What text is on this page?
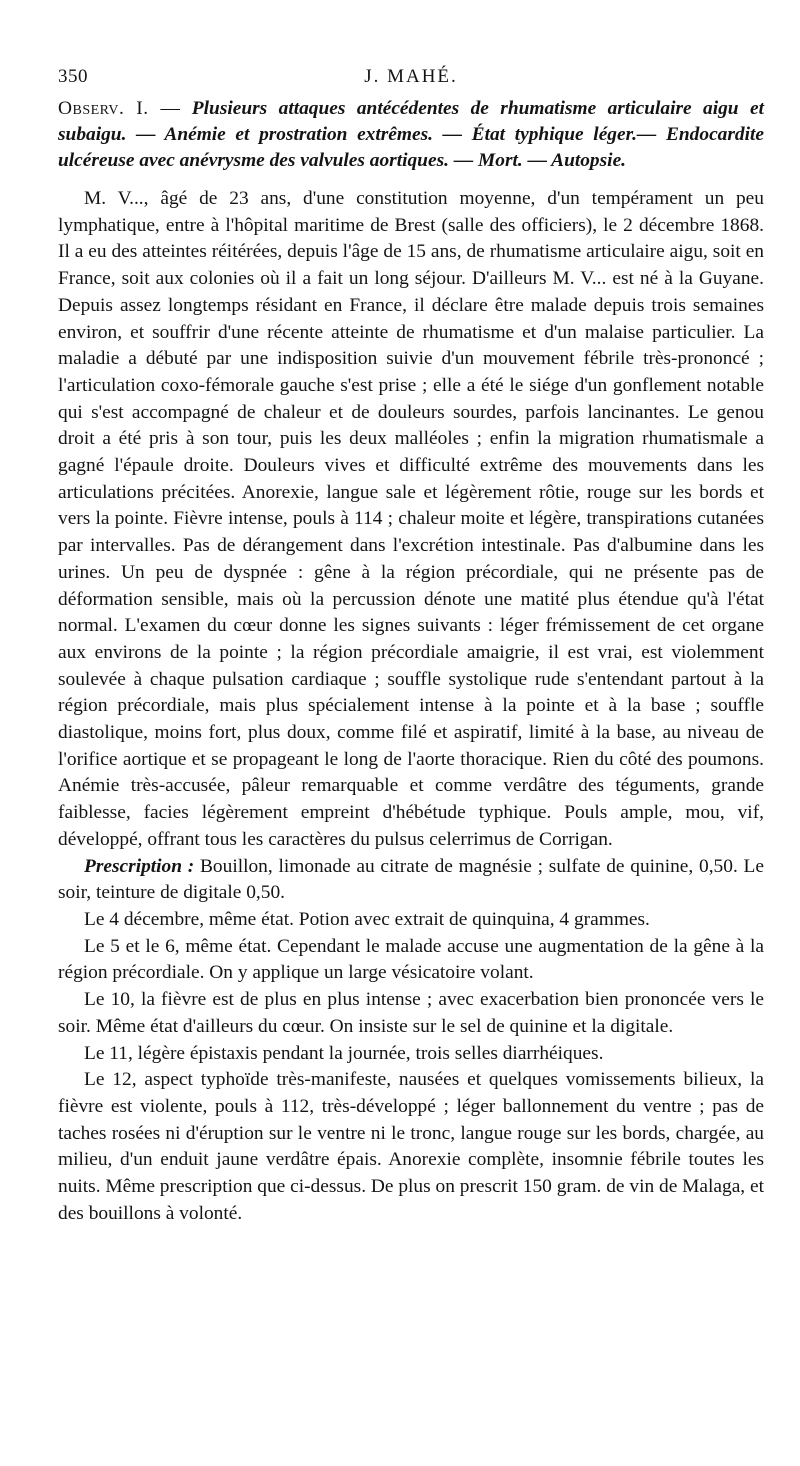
350	J. MAHÉ.
Observ. I. — Plusieurs attaques antécédentes de rhumatisme articulaire aigu et subaigu. — Anémie et prostration extrêmes. — État typhique léger.— Endocardite ulcéreuse avec anévrysme des valvules aortiques. — Mort. — Autopsie.

M. V..., âgé de 23 ans, d'une constitution moyenne, d'un tempérament un peu lymphatique, entre à l'hôpital maritime de Brest (salle des officiers), le 2 décembre 1868. Il a eu des atteintes réitérées, depuis l'âge de 15 ans, de rhumatisme articulaire aigu, soit en France, soit aux colonies où il a fait un long séjour. D'ailleurs M. V... est né à la Guyane. Depuis assez longtemps résidant en France, il déclare être malade depuis trois semaines environ, et souffrir d'une récente atteinte de rhumatisme et d'un malaise particulier. La maladie a débuté par une indisposition suivie d'un mouvement fébrile très-prononcé ; l'articulation coxo-fémorale gauche s'est prise ; elle a été le siége d'un gonflement notable qui s'est accompagné de chaleur et de douleurs sourdes, parfois lancinantes. Le genou droit a été pris à son tour, puis les deux malléoles ; enfin la migration rhumatismale a gagné l'épaule droite. Douleurs vives et difficulté extrême des mouvements dans les articulations précitées. Anorexie, langue sale et légèrement rôtie, rouge sur les bords et vers la pointe. Fièvre intense, pouls à 114 ; chaleur moite et légère, transpirations cutanées par intervalles. Pas de dérangement dans l'excrétion intestinale. Pas d'albumine dans les urines. Un peu de dyspnée : gêne à la région précordiale, qui ne présente pas de déformation sensible, mais où la percussion dénote une matité plus étendue qu'à l'état normal. L'examen du cœur donne les signes suivants : léger frémissement de cet organe aux environs de la pointe ; la région précordiale amaigrie, il est vrai, est violemment soulevée à chaque pulsation cardiaque ; souffle systolique rude s'entendant partout à la région précordiale, mais plus spécialement intense à la pointe et à la base ; souffle diastolique, moins fort, plus doux, comme filé et aspiratif, limité à la base, au niveau de l'orifice aortique et se propageant le long de l'aorte thoracique. Rien du côté des poumons. Anémie très-accusée, pâleur remarquable et comme verdâtre des téguments, grande faiblesse, facies légèrement empreint d'hébétude typhique. Pouls ample, mou, vif, développé, offrant tous les caractères du pulsus celerrimus de Corrigan.

Prescription : Bouillon, limonade au citrate de magnésie ; sulfate de quinine, 0,50. Le soir, teinture de digitale 0,50.

Le 4 décembre, même état. Potion avec extrait de quinquina, 4 grammes.

Le 5 et le 6, même état. Cependant le malade accuse une augmentation de la gêne à la région précordiale. On y applique un large vésicatoire volant.

Le 10, la fièvre est de plus en plus intense ; avec exacerbation bien prononcée vers le soir. Même état d'ailleurs du cœur. On insiste sur le sel de quinine et la digitale.

Le 11, légère épistaxis pendant la journée, trois selles diarrhéiques.

Le 12, aspect typhoïde très-manifeste, nausées et quelques vomissements bilieux, la fièvre est violente, pouls à 112, très-développé ; léger ballonnement du ventre ; pas de taches rosées ni d'éruption sur le ventre ni le tronc, langue rouge sur les bords, chargée, au milieu, d'un enduit jaune verdâtre épais. Anorexie complète, insomnie fébrile toutes les nuits. Même prescription que ci-dessus. De plus on prescrit 150 gram. de vin de Malaga, et des bouillons à volonté.
